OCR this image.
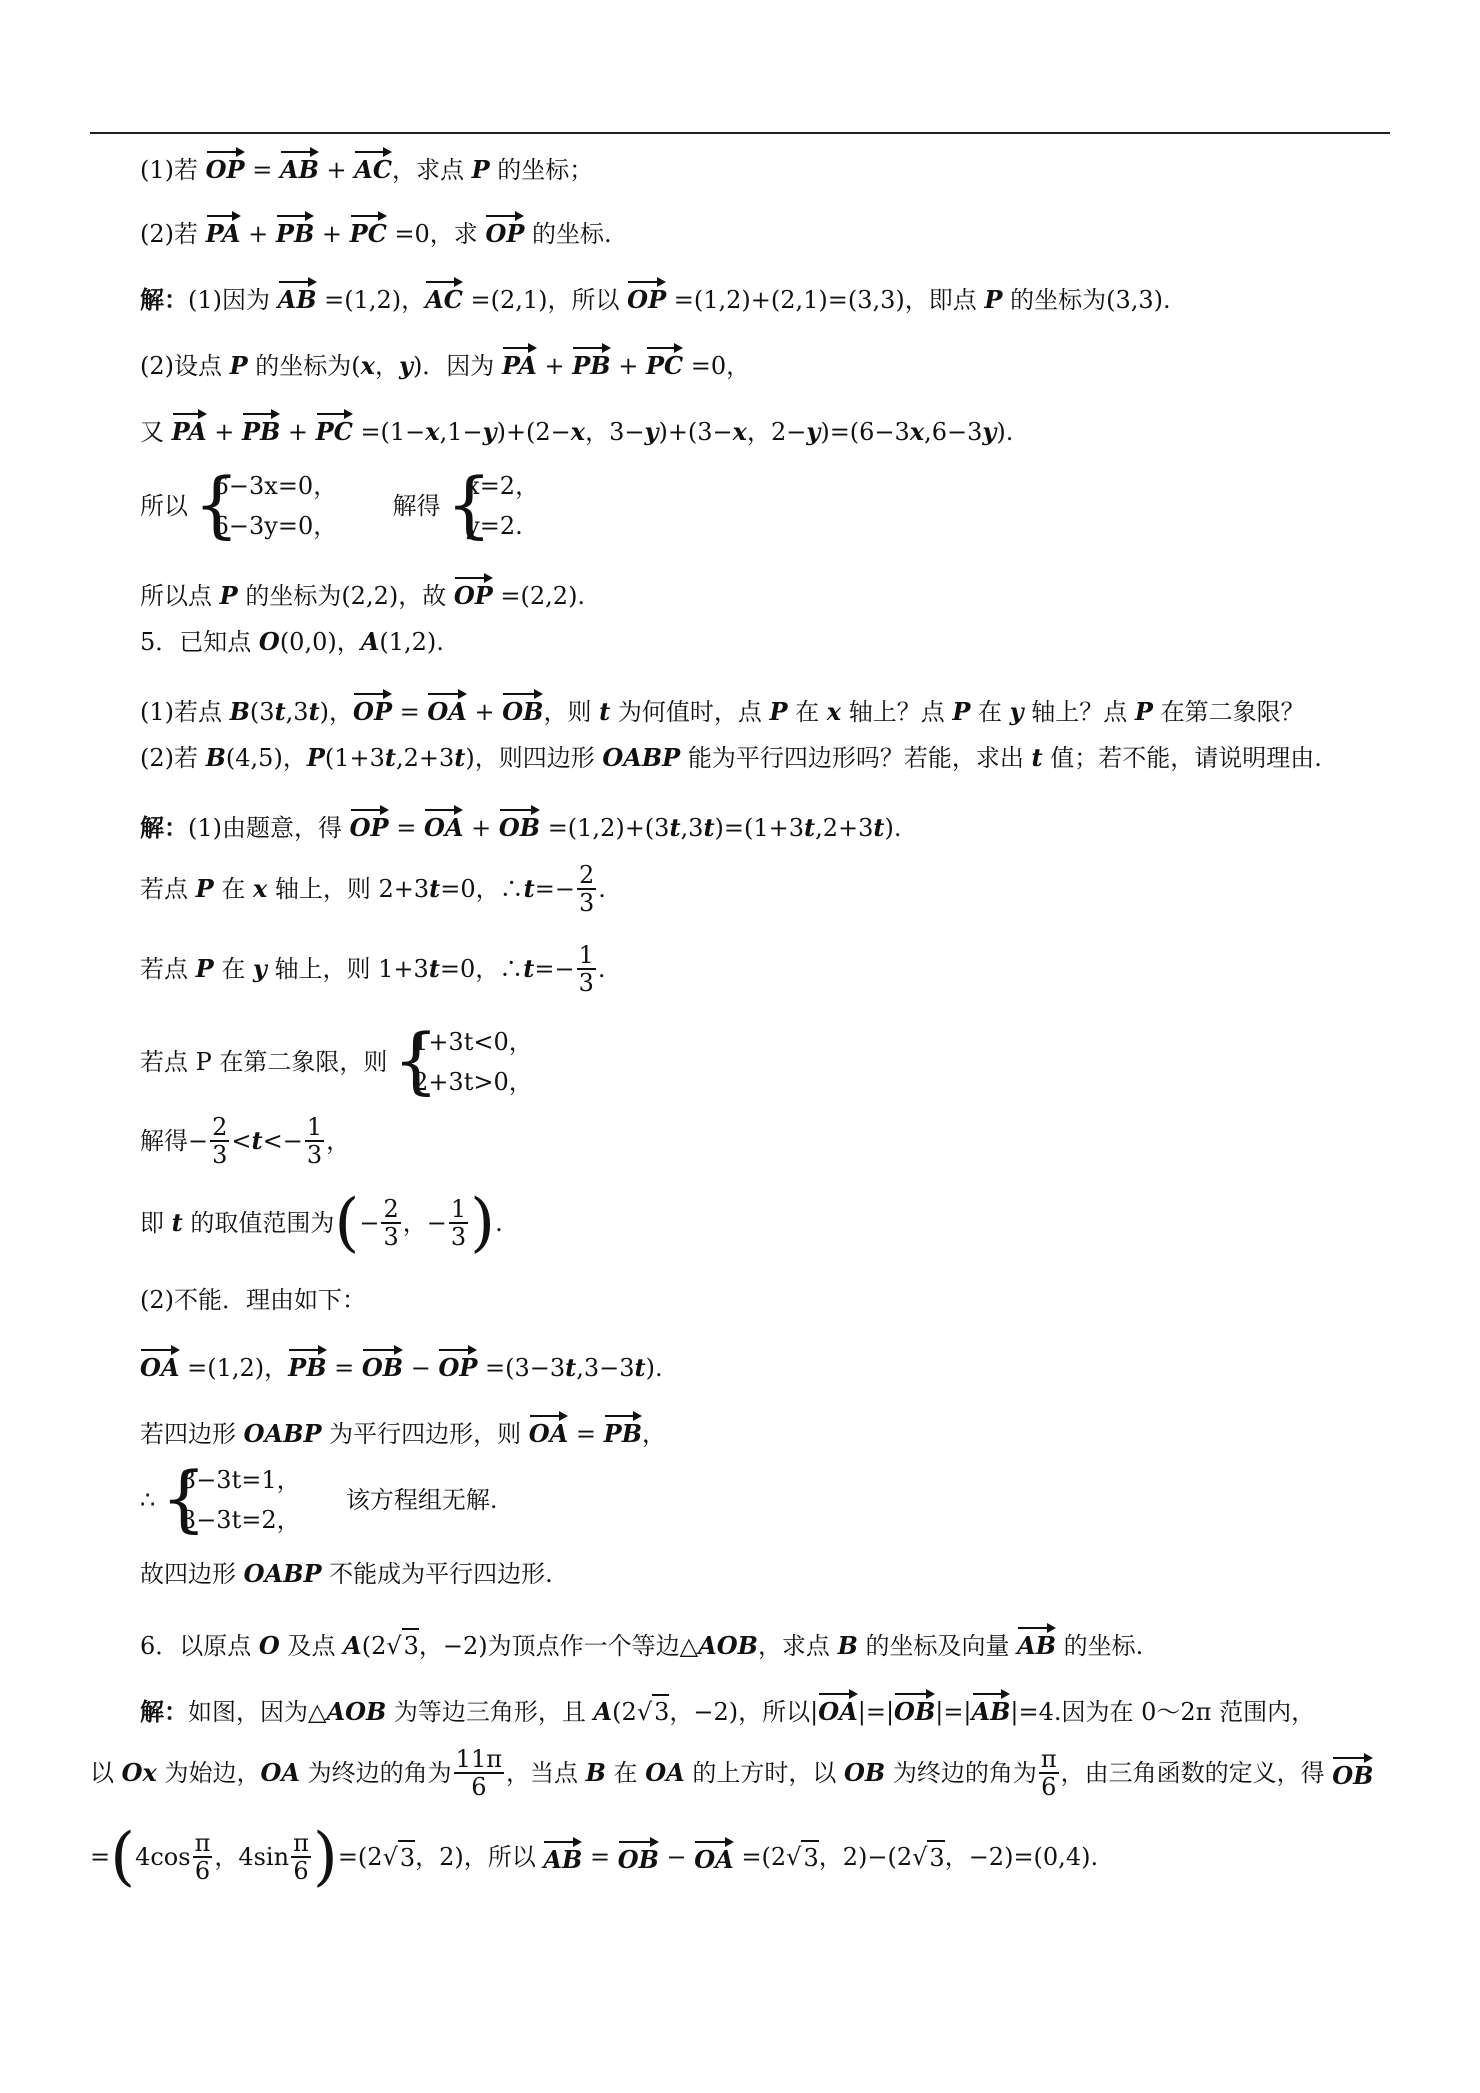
(1)若 OP = AB + AC，求点 P 的坐标；
(2)若 PA + PB + PC =0，求 OP 的坐标.
解：(1)因为 AB =(1,2)，AC =(2,1)，所以 OP =(1,2)+(2,1)=(3,3)，即点 P 的坐标为(3,3).
(2)设点 P 的坐标为(x，y)．因为 PA + PB + PC =0，
又 PA + PB + PC =(1−x,1−y)+(2−x，3−y)+(3−x，2−y)=(6−3x,6−3y).
所以
{ 6−3x=0，
6−3y=0，
解得
{ x=2，
y=2.
所以点 P 的坐标为(2,2)，故 OP =(2,2).
5．已知点 O(0,0)，A(1,2).
(1)若点 B(3t,3t)，OP = OA + OB，则 t 为何值时，点 P 在 x 轴上？点 P 在 y 轴上？点 P 在第二象限？
(2)若 B(4,5)，P(1+3t,2+3t)，则四边形 OABP 能为平行四边形吗？若能，求出 t 值；若不能，请说明理由.
解：(1)由题意，得 OP = OA + OB =(1,2)+(3t,3t)=(1+3t,2+3t).
若点 P 在 x 轴上，则 2+3t=0，∴t=− $\frac{2}{3}$ .
若点 P 在 y 轴上，则 1+3t=0，∴t=− $\frac{1}{3}$ .
若点 P 在第二象限，则
{ 1+3t<0，
2+3t>0，
解得− $\frac{2}{3} <t<- \frac{1}{3}$ ，
即 t 的取值范围为(− $\frac{2}{3}$ ，− $\frac{1}{3}$ ).
(2)不能．理由如下：
OA =(1,2)，PB = OB − OP =(3−3t,3−3t).
若四边形 OABP 为平行四边形，则 OA = PB，
∴
{ 3−3t=1，
3−3t=2，
该方程组无解.
故四边形 OABP 不能成为平行四边形.
6．以原点 O 及点 A(2√3，−2)为顶点作一个等边△AOB，求点 B 的坐标及向量 AB 的坐标.
解：如图，因为△AOB 为等边三角形，且 A(2√3，−2)，所以|OA|=|OB|=|AB|=4.因为在 0～2π 范围内，
以 Ox 为始边，OA 为终边的角为 $\frac{11\pi}{6}$ ，当点 B 在 OA 的上方时，以 OB 为终边的角为 $\frac{\pi}{6}$ ，由三角函数的定义，得 OB
$=(4\cos \frac{\pi}{6}$ ，$4\sin \frac{\pi}{6} )=(2√3$，2)，所以 AB = OB − OA =(2√3，2)−(2√3，−2)=(0,4).
